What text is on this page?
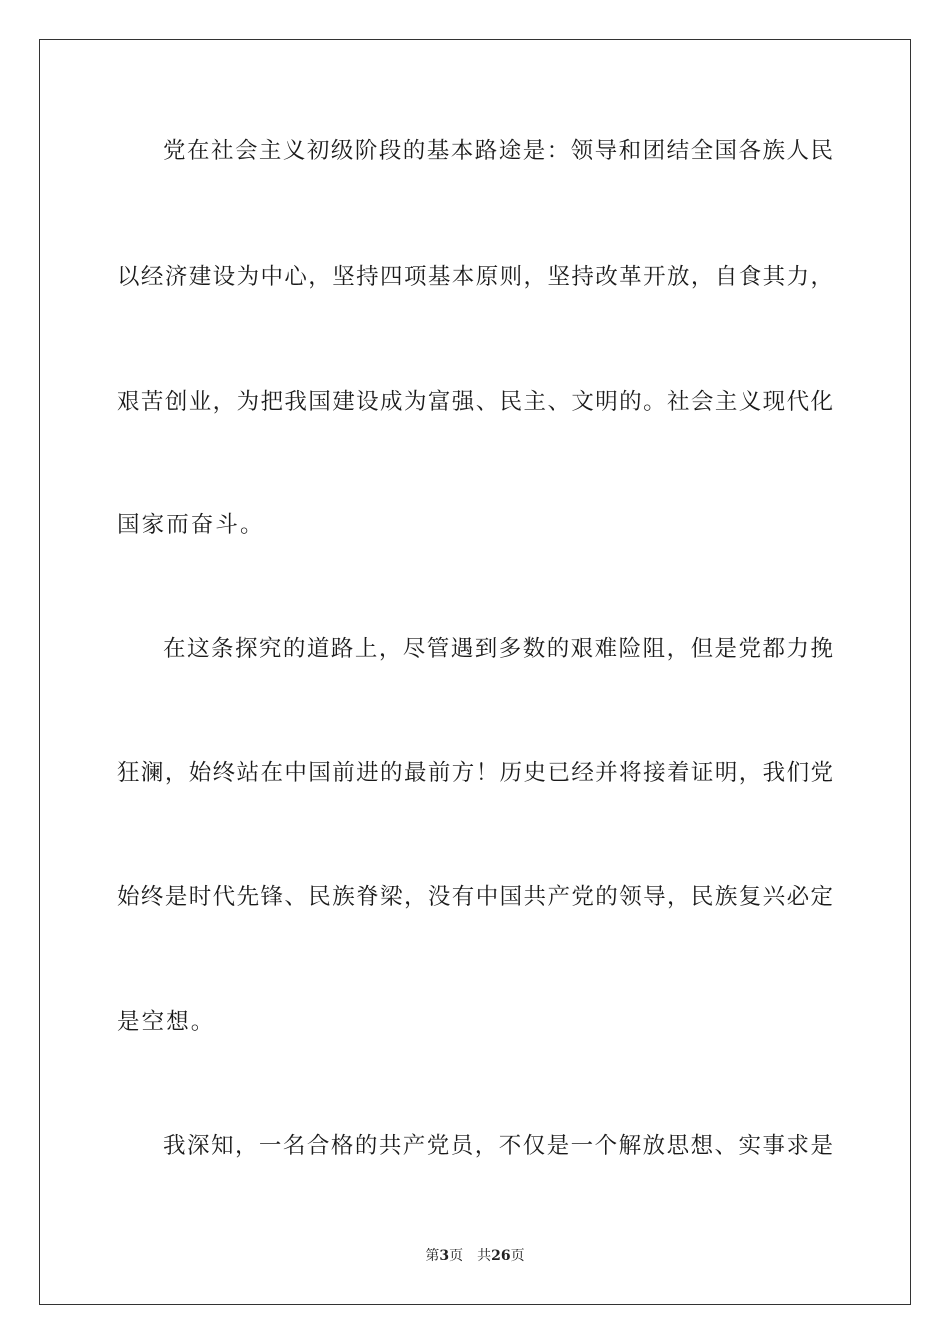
党在社会主义初级阶段的基本路途是：领导和团结全国各族人民
以经济建设为中心，坚持四项基本原则，坚持改革开放，自食其力，
艰苦创业，为把我国建设成为富强、民主、文明的。社会主义现代化
国家而奋斗。
在这条探究的道路上，尽管遇到多数的艰难险阻，但是党都力挽
狂澜，始终站在中国前进的最前方！历史已经并将接着证明，我们党
始终是时代先锋、民族脊梁，没有中国共产党的领导，民族复兴必定
是空想。
我深知，一名合格的共产党员，不仅是一个解放思想、实事求是
第3页 共26页
